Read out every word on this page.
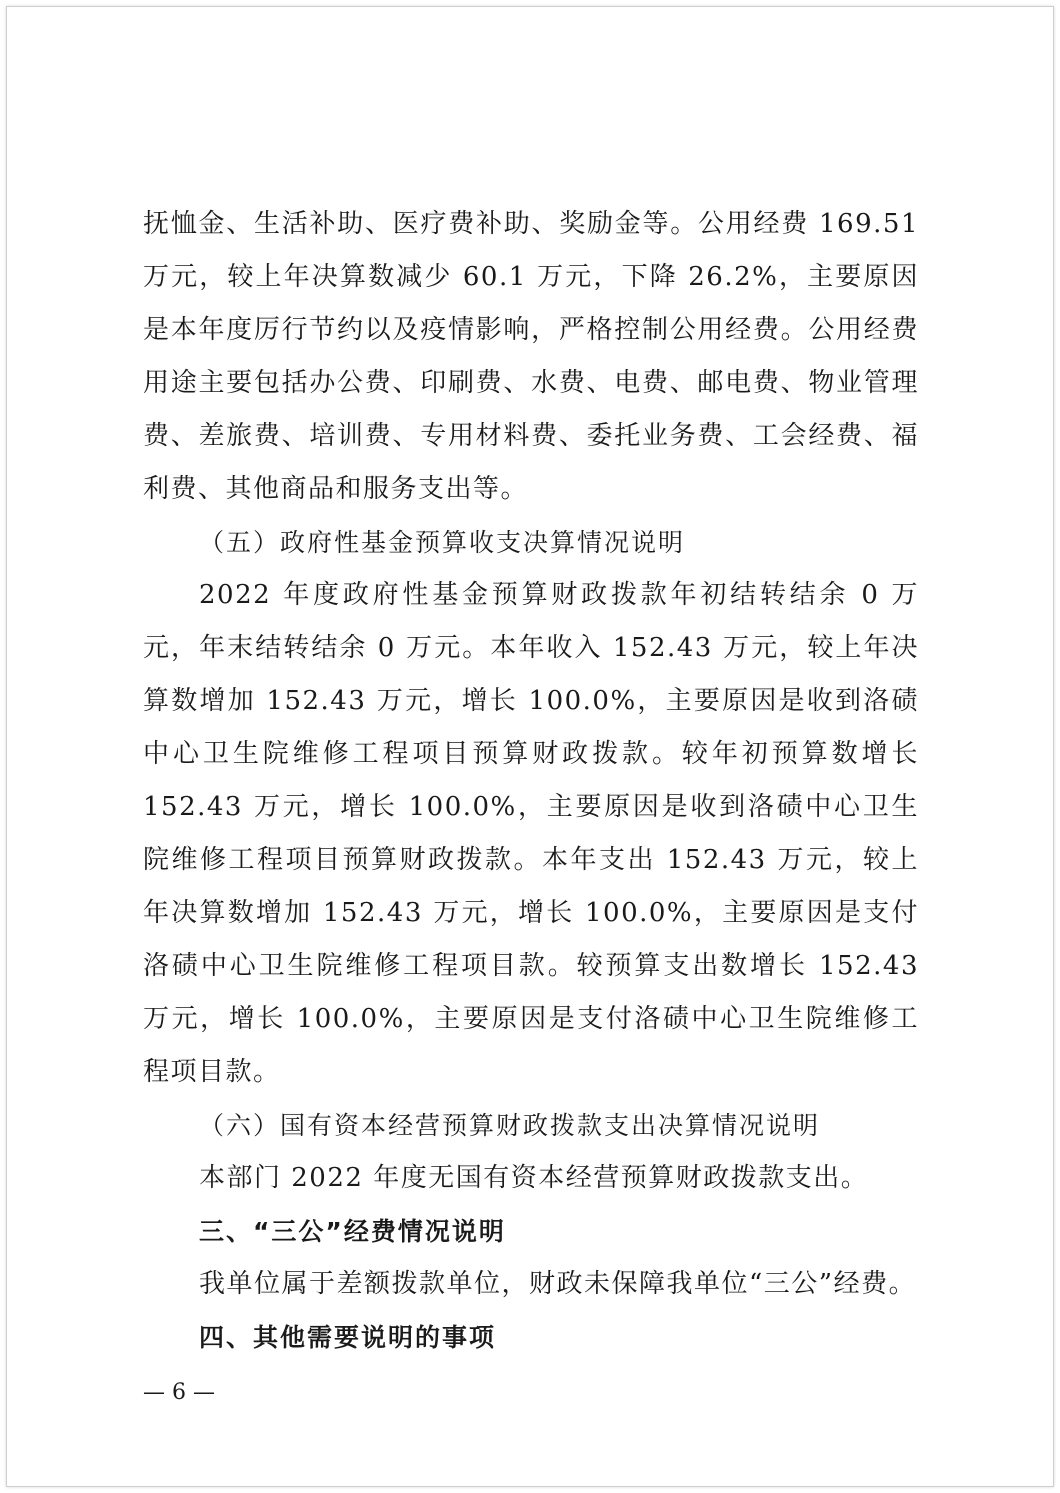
抚恤金、生活补助、医疗费补助、奖励金等。公用经费 169.51 万元，较上年决算数减少 60.1 万元，下降 26.2%，主要原因是本年度厉行节约以及疫情影响，严格控制公用经费。公用经费用途主要包括办公费、印刷费、水费、电费、邮电费、物业管理费、差旅费、培训费、专用材料费、委托业务费、工会经费、福利费、其他商品和服务支出等。

（五）政府性基金预算收支决算情况说明

2022 年度政府性基金预算财政拨款年初结转结余 0 万元，年末结转结余 0 万元。本年收入 152.43 万元，较上年决算数增加 152.43 万元，增长 100.0%，主要原因是收到洛碛中心卫生院维修工程项目预算财政拨款。较年初预算数增长 152.43 万元，增长 100.0%，主要原因是收到洛碛中心卫生院维修工程项目预算财政拨款。本年支出 152.43 万元，较上年决算数增加 152.43 万元，增长 100.0%，主要原因是支付洛碛中心卫生院维修工程项目款。较预算支出数增长 152.43 万元，增长 100.0%，主要原因是支付洛碛中心卫生院维修工程项目款。

（六）国有资本经营预算财政拨款支出决算情况说明

本部门 2022 年度无国有资本经营预算财政拨款支出。

三、“三公”经费情况说明

我单位属于差额拨款单位，财政未保障我单位“三公”经费。

四、其他需要说明的事项

— 6 —
